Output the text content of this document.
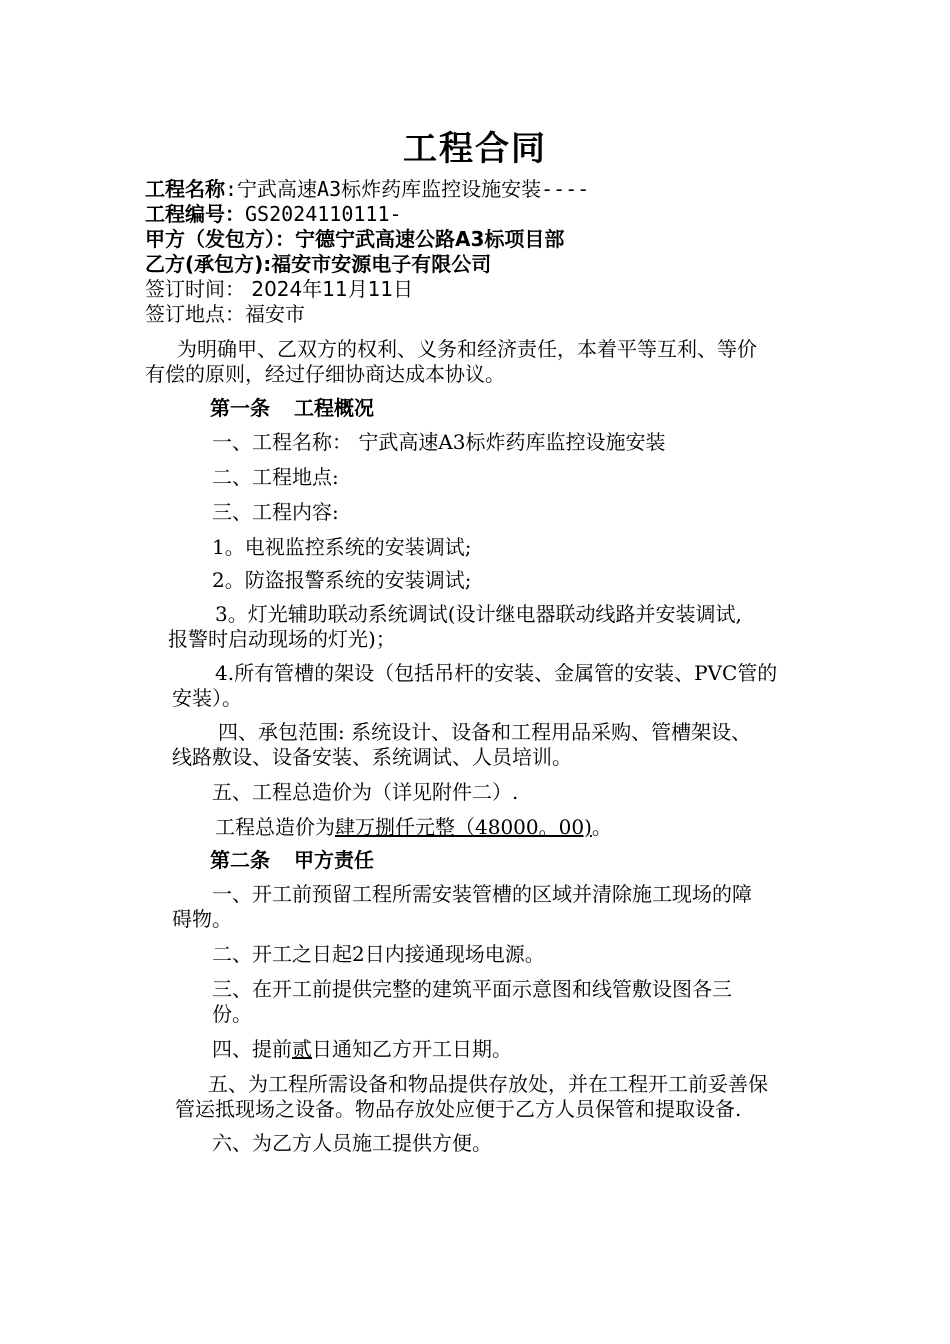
工程合同
工程名称:宁武高速A3标炸药库监控设施安装----
工程编号：GS2024110111-
甲方（发包方）：宁德宁武高速公路A3标项目部
乙方(承包方):福安市安源电子有限公司
签订时间： 2024年11月11日
签订地点：福安市
为明确甲、乙双方的权利、义务和经济责任，本着平等互利、等价
有偿的原则，经过仔细协商达成本协议。
第一条 工程概况
一、工程名称： 宁武高速A3标炸药库监控设施安装
二、工程地点:
三、工程内容:
1。电视监控系统的安装调试;
2。防盗报警系统的安装调试;
3。灯光辅助联动系统调试(设计继电器联动线路并安装调试,
报警时启动现场的灯光)；
4.所有管槽的架设（包括吊杆的安装、金属管的安装、PVC管的
安装）。
四、承包范围: 系统设计、设备和工程用品采购、管槽架设、
线路敷设、设备安装、系统调试、人员培训。
五、工程总造价为（详见附件二）.
工程总造价为肆万捌仟元整（48000。00)。
第二条 甲方责任
一、开工前预留工程所需安装管槽的区域并清除施工现场的障
碍物。
二、开工之日起2日内接通现场电源。
三、在开工前提供完整的建筑平面示意图和线管敷设图各三
份。
四、提前贰日通知乙方开工日期。
五、为工程所需设备和物品提供存放处，并在工程开工前妥善保
管运抵现场之设备。物品存放处应便于乙方人员保管和提取设备.
六、为乙方人员施工提供方便。
